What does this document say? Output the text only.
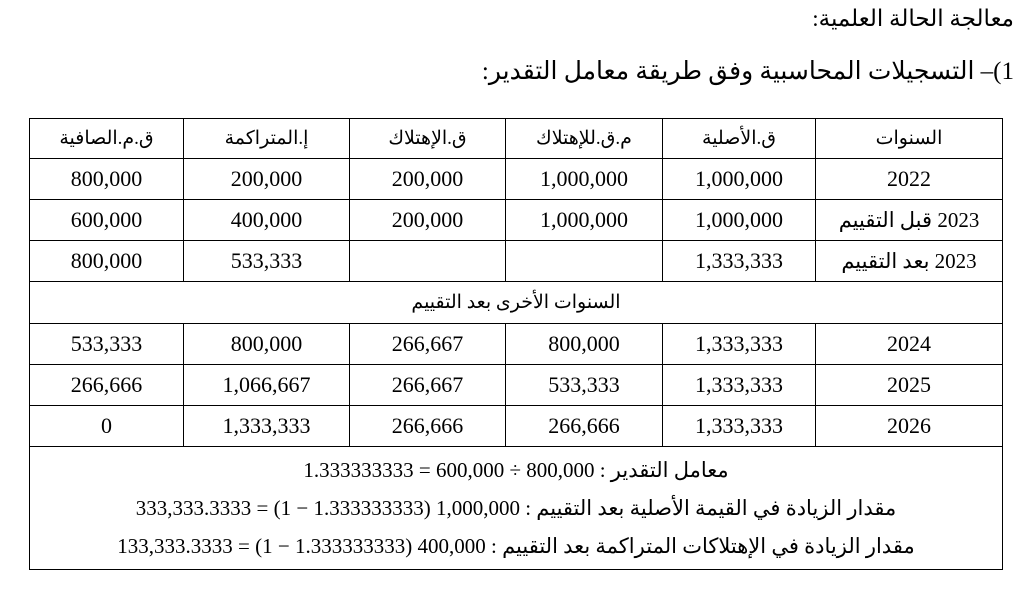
معالجة الحالة العلمية:
1)– التسجيلات المحاسبية وفق طريقة معامل التقدير:
السنوات	ق.الأصلية	م.ق.للإهتلاك	ق.الإهتلاك	إ.المتراكمة	ق.م.الصافية
2022	1,000,000	1,000,000	200,000	200,000	800,000
2023 قبل التقييم	1,000,000	1,000,000	200,000	400,000	600,000
2023 بعد التقييم	1,333,333			533,333	800,000
السنوات الأخرى بعد التقييم					
2024	1,333,333	800,000	266,667	800,000	533,333
2025	1,333,333	533,333	266,667	1,066,667	266,666
2026	1,333,333	266,666	266,666	1,333,333	0

معامل التقدير : 800,000 ÷ 600,000 = 1.333333333
مقدار الزيادة في القيمة الأصلية بعد التقييم : 1,000,000 (1.333333333 − 1) = 333,333.3333
مقدار الزيادة في الإهتلاكات المتراكمة بعد التقييم : 400,000 (1.333333333 − 1) = 133,333.3333					
